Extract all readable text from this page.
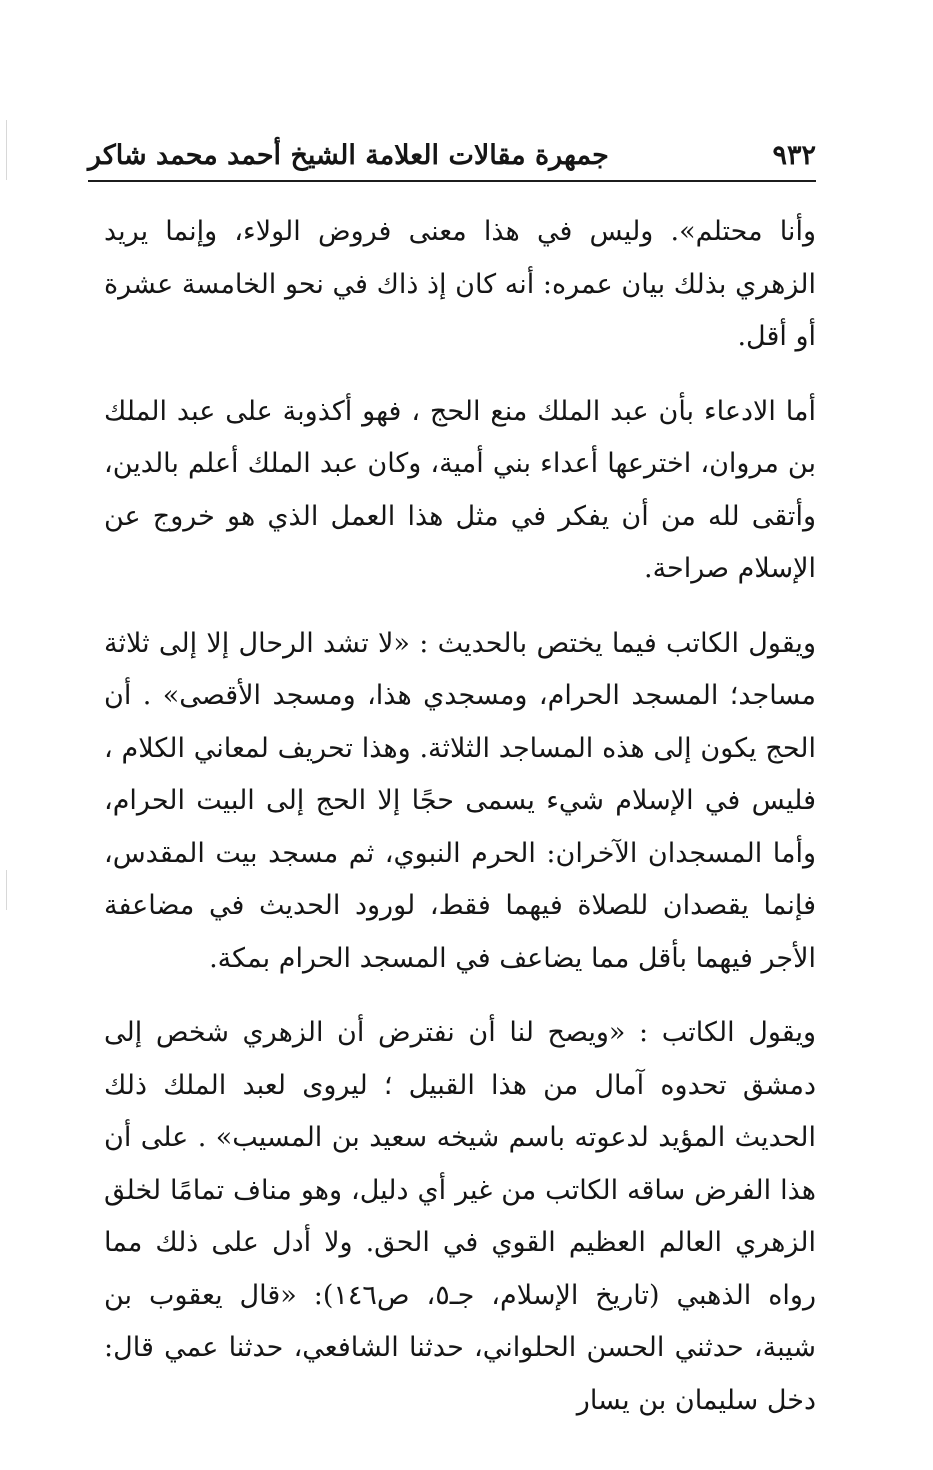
٩٣٢
جمهرة مقالات العلامة الشيخ أحمد محمد شاكر

وأنا محتلم». وليس في هذا معنى فروض الولاء، وإنما يريد الزهري بذلك بيان عمره: أنه كان إذ ذاك في نحو الخامسة عشرة أو أقل.

أما الادعاء بأن عبد الملك منع الحج ، فهو أكذوبة على عبد الملك بن مروان، اخترعها أعداء بني أمية، وكان عبد الملك أعلم بالدين، وأتقى لله من أن يفكر في مثل هذا العمل الذي هو خروج عن الإسلام صراحة.

ويقول الكاتب فيما يختص بالحديث : «لا تشد الرحال إلا إلى ثلاثة مساجد؛ المسجد الحرام، ومسجدي هذا، ومسجد الأقصى» . أن الحج يكون إلى هذه المساجد الثلاثة. وهذا تحريف لمعاني الكلام ، فليس في الإسلام شيء يسمى حجًا إلا الحج إلى البيت الحرام، وأما المسجدان الآخران: الحرم النبوي، ثم مسجد بيت المقدس، فإنما يقصدان للصلاة فيهما فقط، لورود الحديث في مضاعفة الأجر فيهما بأقل مما يضاعف في المسجد الحرام بمكة.

ويقول الكاتب : «ويصح لنا أن نفترض أن الزهري شخص إلى دمشق تحدوه آمال من هذا القبيل ؛ ليروى لعبد الملك ذلك الحديث المؤيد لدعوته باسم شيخه سعيد بن المسيب» . على أن هذا الفرض ساقه الكاتب من غير أي دليل، وهو مناف تمامًا لخلق الزهري العالم العظيم القوي في الحق. ولا أدل على ذلك مما رواه الذهبي (تاريخ الإسلام، جـ٥، ص١٤٦): «قال يعقوب بن شيبة، حدثني الحسن الحلواني، حدثنا الشافعي، حدثنا عمي قال: دخل سليمان بن يسار
